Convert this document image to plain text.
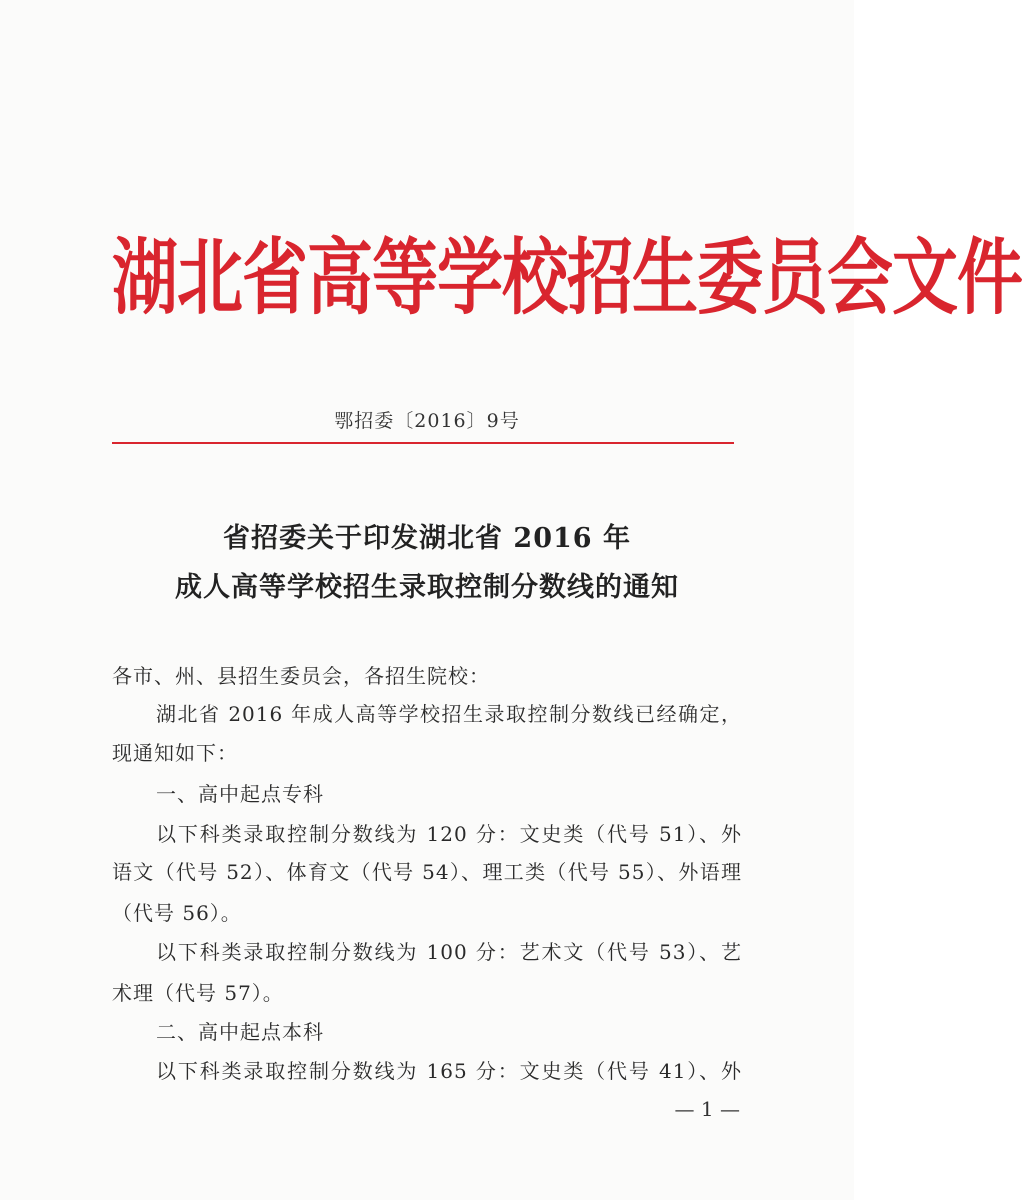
湖北省高等学校招生委员会文件
鄂招委〔2016〕9号
省招委关于印发湖北省 2016 年
成人高等学校招生录取控制分数线的通知
各市、州、县招生委员会，各招生院校：
湖北省 2016 年成人高等学校招生录取控制分数线已经确定，
现通知如下：
一、高中起点专科
以下科类录取控制分数线为 120 分：文史类（代号 51）、外
语文（代号 52）、体育文（代号 54）、理工类（代号 55）、外语理
（代号 56）。
以下科类录取控制分数线为 100 分：艺术文（代号 53）、艺
术理（代号 57）。
二、高中起点本科
以下科类录取控制分数线为 165 分：文史类（代号 41）、外
— 1 —
